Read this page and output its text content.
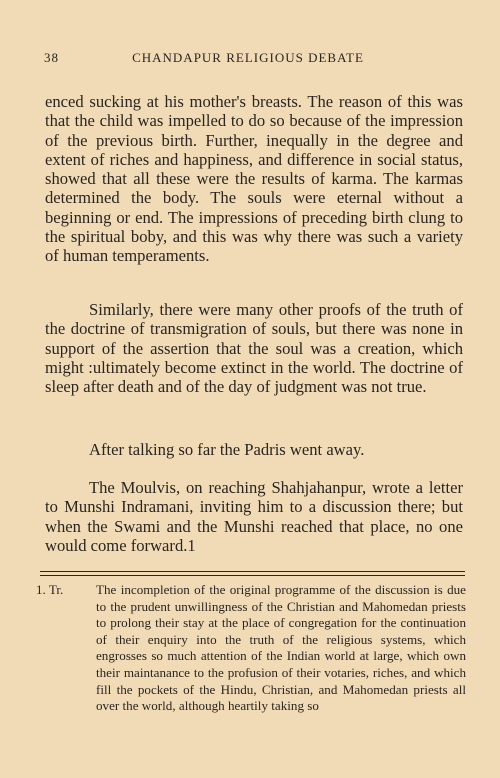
38	CHANDAPUR RELIGIOUS DEBATE

enced sucking at his mother's breasts. The reason of this was that the child was impelled to do so because of the impression of the previous birth. Further, inequally in the degree and extent of riches and happiness, and difference in social status, showed that all these were the results of karma. The karmas determined the body. The souls were eternal without a beginning or end. The impressions of preceding birth clung to the spiritual boby, and this was why there was such a variety of human temperaments.

Similarly, there were many other proofs of the truth of the doctrine of transmigration of souls, but there was none in support of the assertion that the soul was a creation, which might :ultimately become extinct in the world. The doctrine of sleep after death and of the day of judgment was not true.

After talking so far the Padris went away.

The Moulvis, on reaching Shahjahanpur, wrote a letter to Munshi Indramani, inviting him to a discussion there; but when the Swami and the Munshi reached that place, no one would come forward.1

1. Tr. The incompletion of the original programme of the discussion is due to the prudent unwillingness of the Christian and Mahomedan priests to prolong their stay at the place of congregation for the continuation of their enquiry into the truth of the religious systems, which engrosses so much attention of the Indian world at large, which own their maintanance to the profusion of their votaries, riches, and which fill the pockets of the Hindu, Christian, and Mahomedan priests all over the world, although heartily taking so
